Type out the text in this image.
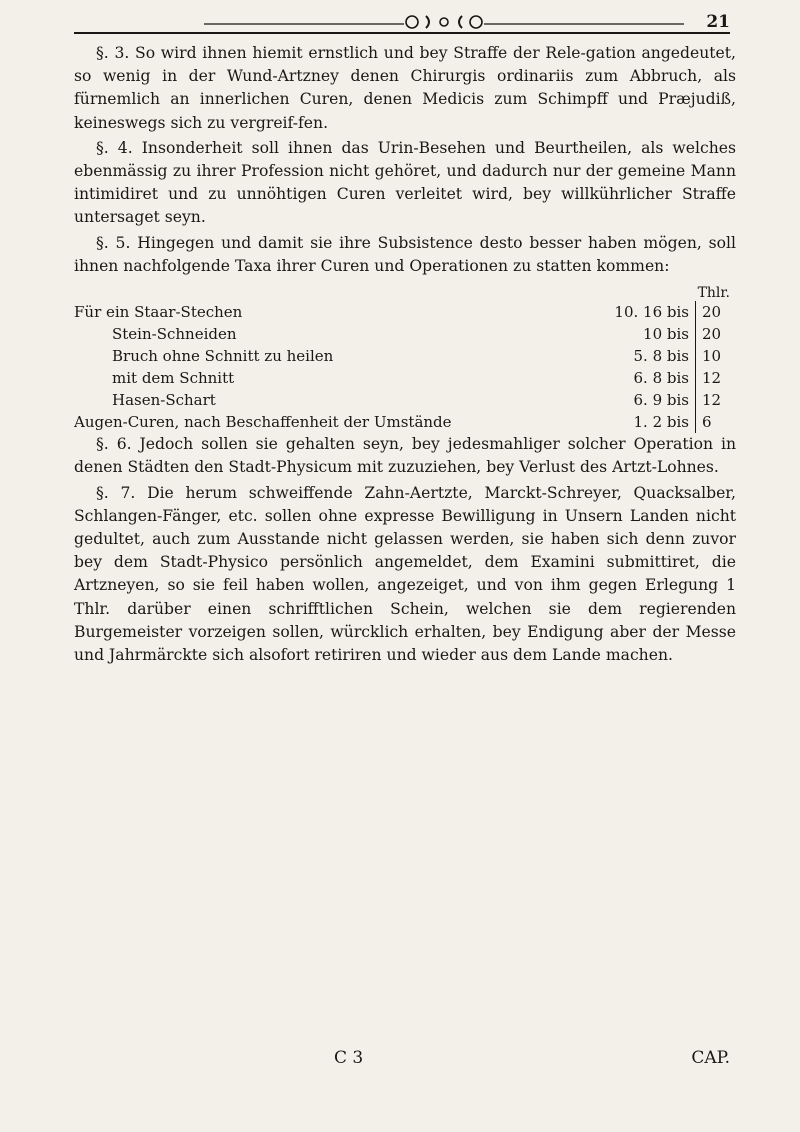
21

§. 3. So wird ihnen hiemit ernstlich und bey Straffe der Rele-gation angedeutet, so wenig in der Wund-Artzney denen Chirurgis ordinariis zum Abbruch, als fürnemlich an innerlichen Curen, denen Medicis zum Schimpff und Præjudiß, keineswegs sich zu vergreif-fen.

§. 4. Insonderheit soll ihnen das Urin-Besehen und Beurtheilen, als welches ebenmässig zu ihrer Profession nicht gehöret, und dadurch nur der gemeine Mann intimidiret und zu unnöhtigen Curen verleitet wird, bey willkührlicher Straffe untersaget seyn.

§. 5. Hingegen und damit sie ihre Subsistence desto besser haben mögen, soll ihnen nachfolgende Taxa ihrer Curen und Operationen zu statten kommen:

Thlr.
Für ein Staar-Stechen	10. 16 bis	20
Stein-Schneiden	10 bis	20
Bruch ohne Schnitt zu heilen	5. 8 bis	10
mit dem Schnitt	6. 8 bis	12
Hasen-Schart	6. 9 bis	12
Augen-Curen, nach Beschaffenheit der Umstände	1. 2 bis	6

§. 6. Jedoch sollen sie gehalten seyn, bey jedesmahliger solcher Operation in denen Städten den Stadt-Physicum mit zuzuziehen, bey Verlust des Artzt-Lohnes.

§. 7. Die herum schweiffende Zahn-Aertzte, Marckt-Schreyer, Quacksalber, Schlangen-Fänger, etc. sollen ohne expresse Bewilligung in Unsern Landen nicht gedultet, auch zum Ausstande nicht gelassen werden, sie haben sich denn zuvor bey dem Stadt-Physico persönlich angemeldet, dem Examini submittiret, die Artzneyen, so sie feil haben wollen, angezeiget, und von ihm gegen Erlegung 1 Thlr. darüber einen schrifftlichen Schein, welchen sie dem regierenden Burgemeister vorzeigen sollen, würcklich erhalten, bey Endigung aber der Messe und Jahrmärckte sich alsofort retiriren und wieder aus dem Lande machen.

C 3	CAP.
